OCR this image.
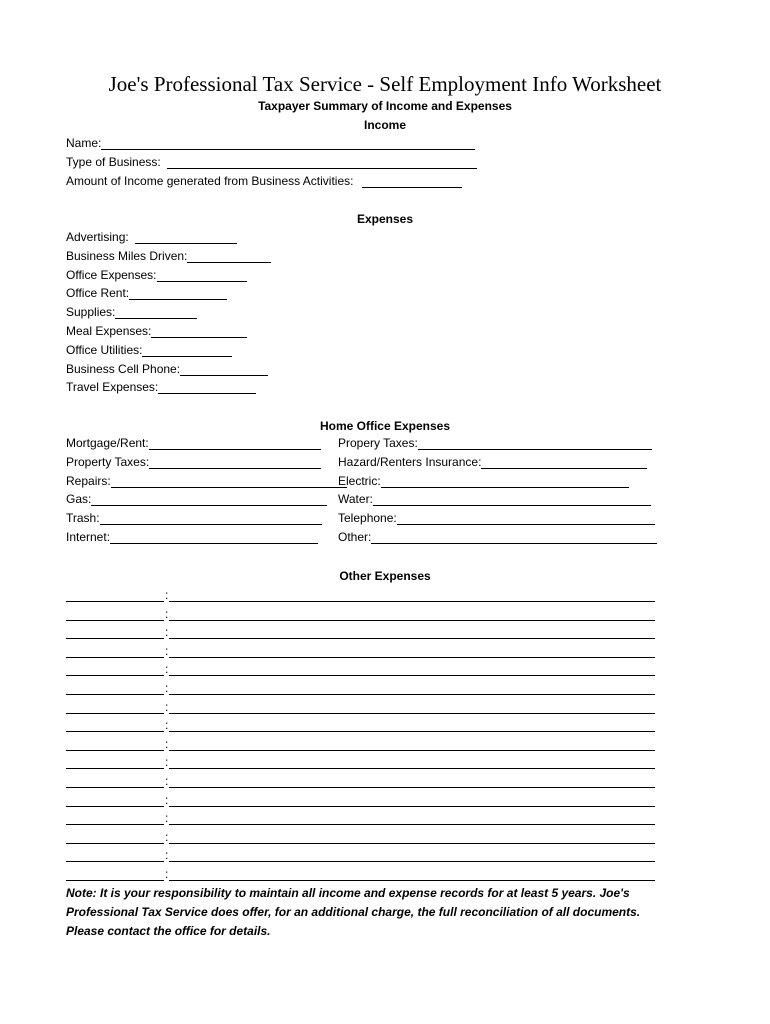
Joe's Professional Tax Service - Self Employment Info Worksheet
Taxpayer Summary of Income and Expenses
Income
Name:
Type of Business:
Amount of Income generated from Business Activities:
Expenses
Advertising:
Business Miles Driven:
Office Expenses:
Office Rent:
Supplies:
Meal Expenses:
Office Utilities:
Business Cell Phone:
Travel Expenses:
Home Office Expenses
Mortgage/Rent:
Property Taxes:
Repairs:
Gas:
Trash:
Internet:
Propery Taxes:
Hazard/Renters Insurance:
Electric:
Water:
Telephone:
Other:
Other Expenses
:
:
:
:
:
:
:
:
:
:
:
:
:
:
:
:
Note: It is your responsibility to maintain all income and expense records for at least 5 years. Joe's Professional Tax Service does offer, for an additional charge, the full reconciliation of all documents. Please contact the office for details.
